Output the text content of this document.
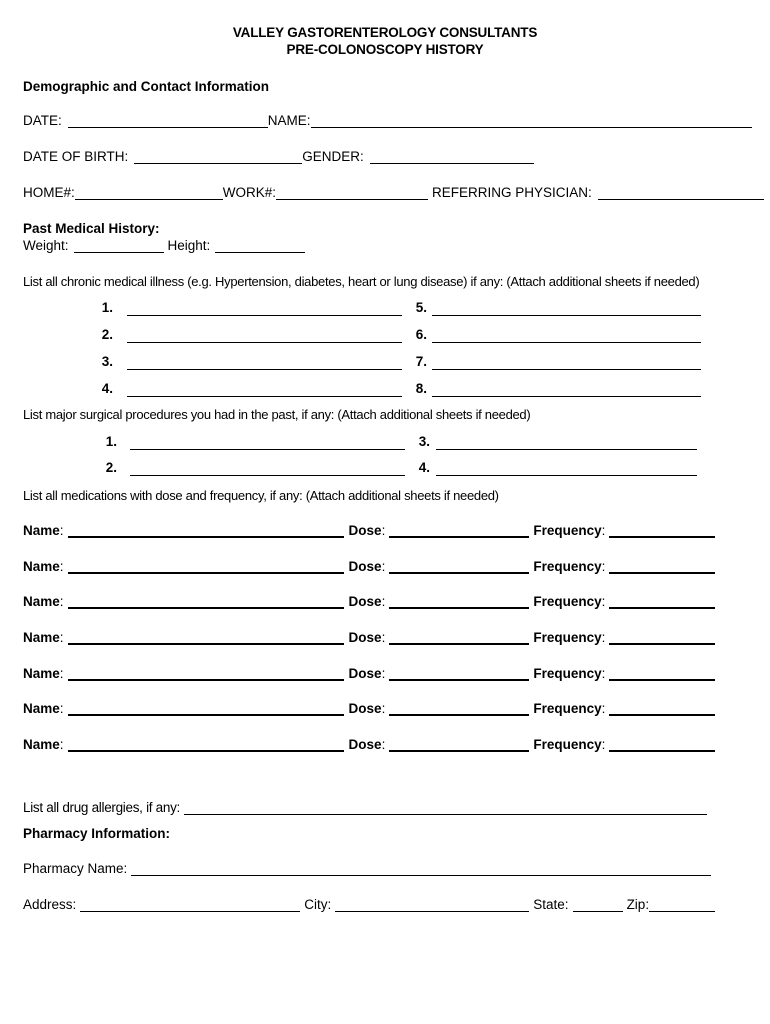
VALLEY GASTORENTEROLOGY CONSULTANTS
PRE-COLONOSCOPY HISTORY
Demographic and Contact Information
DATE:	NAME:
DATE OF BIRTH:	GENDER:
HOME#:	WORK#:	REFERRING PHYSICIAN:
Past Medical History:
Weight:	Height:
List all chronic medical illness (e.g. Hypertension, diabetes, heart or lung disease) if any: (Attach additional sheets if needed)
1.	5.
2.	6.
3.	7.
4.	8.
List major surgical procedures you had in the past, if any: (Attach additional sheets if needed)
1.	3.
2.	4.
List all medications with dose and frequency, if any: (Attach additional sheets if needed)
Name :	Dose :	Frequency :
Name :	Dose :	Frequency :
Name :	Dose :	Frequency :
Name :	Dose :	Frequency :
Name :	Dose :	Frequency :
Name :	Dose :	Frequency :
Name :	Dose :	Frequency :
List all drug allergies, if any:
Pharmacy Information:
Pharmacy Name:
Address:	City:	State:	Zip:
